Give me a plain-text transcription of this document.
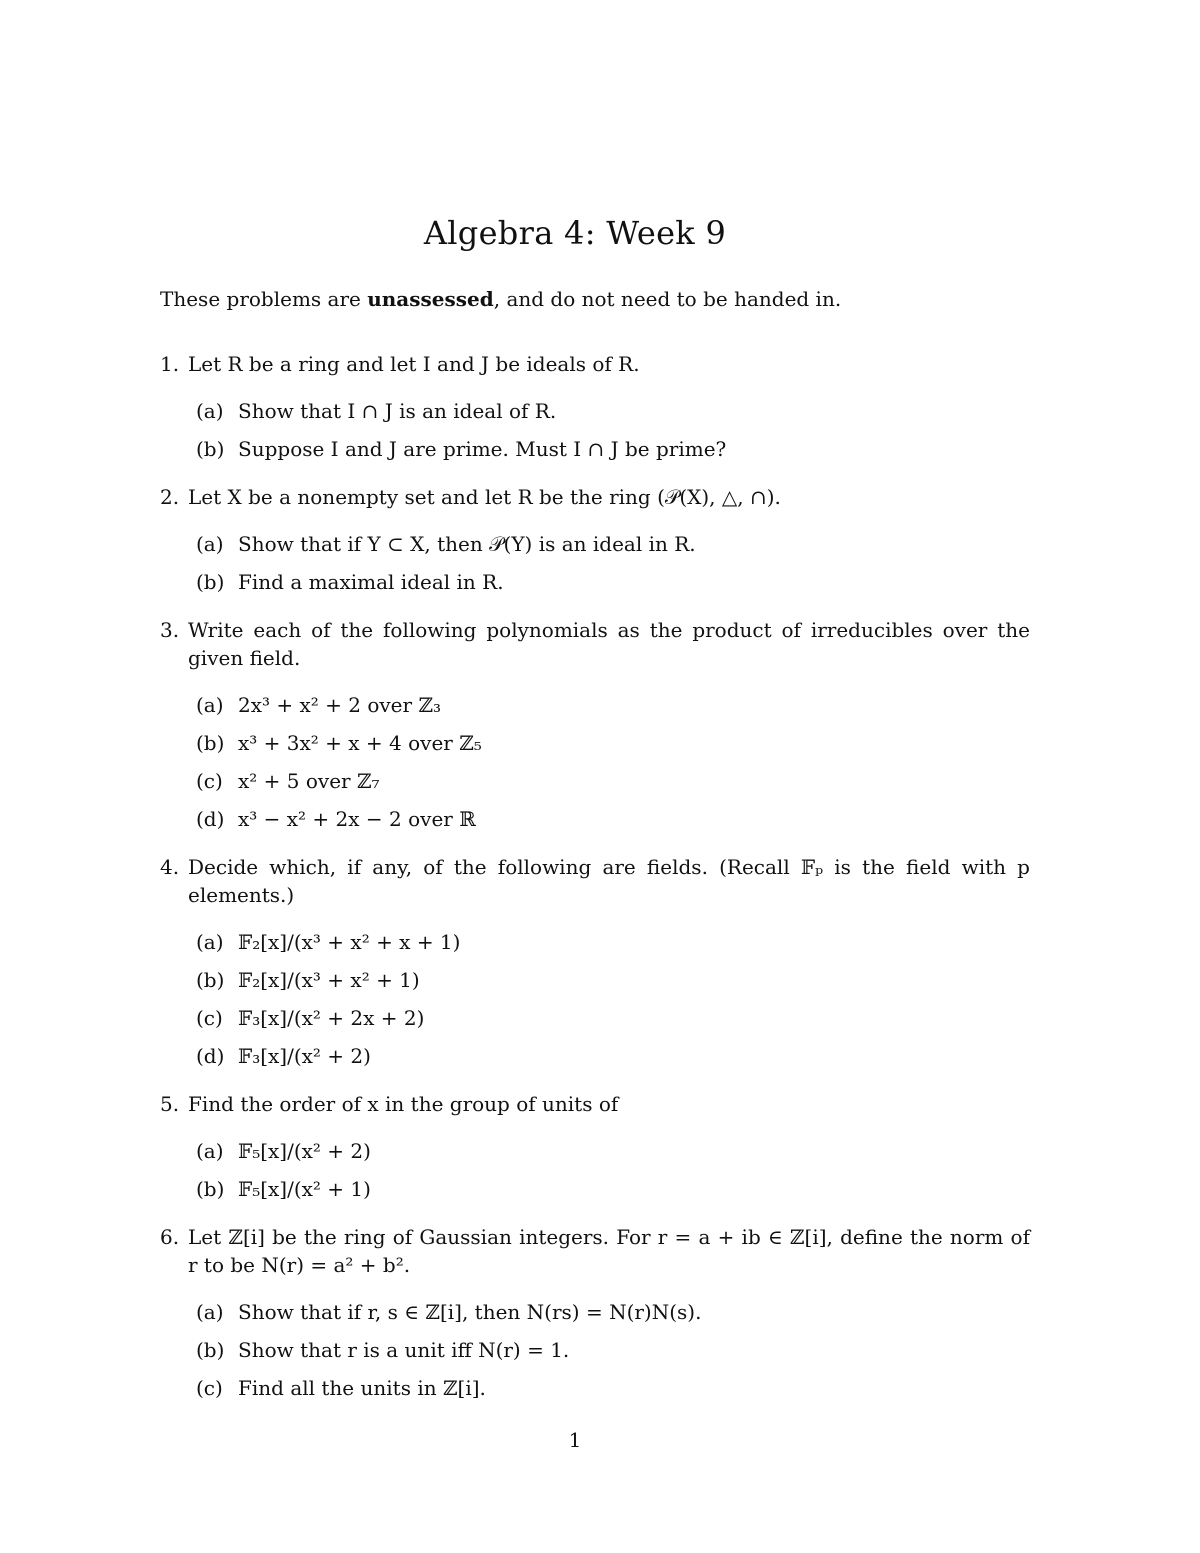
Algebra 4: Week 9
These problems are unassessed, and do not need to be handed in.
1. Let R be a ring and let I and J be ideals of R.
(a) Show that I ∩ J is an ideal of R.
(b) Suppose I and J are prime. Must I ∩ J be prime?
2. Let X be a nonempty set and let R be the ring (𝒫(X), △, ∩).
(a) Show that if Y ⊂ X, then 𝒫(Y) is an ideal in R.
(b) Find a maximal ideal in R.
3. Write each of the following polynomials as the product of irreducibles over the given field.
(a) 2x³ + x² + 2 over ℤ₃
(b) x³ + 3x² + x + 4 over ℤ₅
(c) x² + 5 over ℤ₇
(d) x³ − x² + 2x − 2 over ℝ
4. Decide which, if any, of the following are fields. (Recall 𝔽ₚ is the field with p elements.)
(a) 𝔽₂[x]/(x³ + x² + x + 1)
(b) 𝔽₂[x]/(x³ + x² + 1)
(c) 𝔽₃[x]/(x² + 2x + 2)
(d) 𝔽₃[x]/(x² + 2)
5. Find the order of x in the group of units of
(a) 𝔽₅[x]/(x² + 2)
(b) 𝔽₅[x]/(x² + 1)
6. Let ℤ[i] be the ring of Gaussian integers. For r = a + ib ∈ ℤ[i], define the norm of r to be N(r) = a² + b².
(a) Show that if r, s ∈ ℤ[i], then N(rs) = N(r)N(s).
(b) Show that r is a unit iff N(r) = 1.
(c) Find all the units in ℤ[i].
1
